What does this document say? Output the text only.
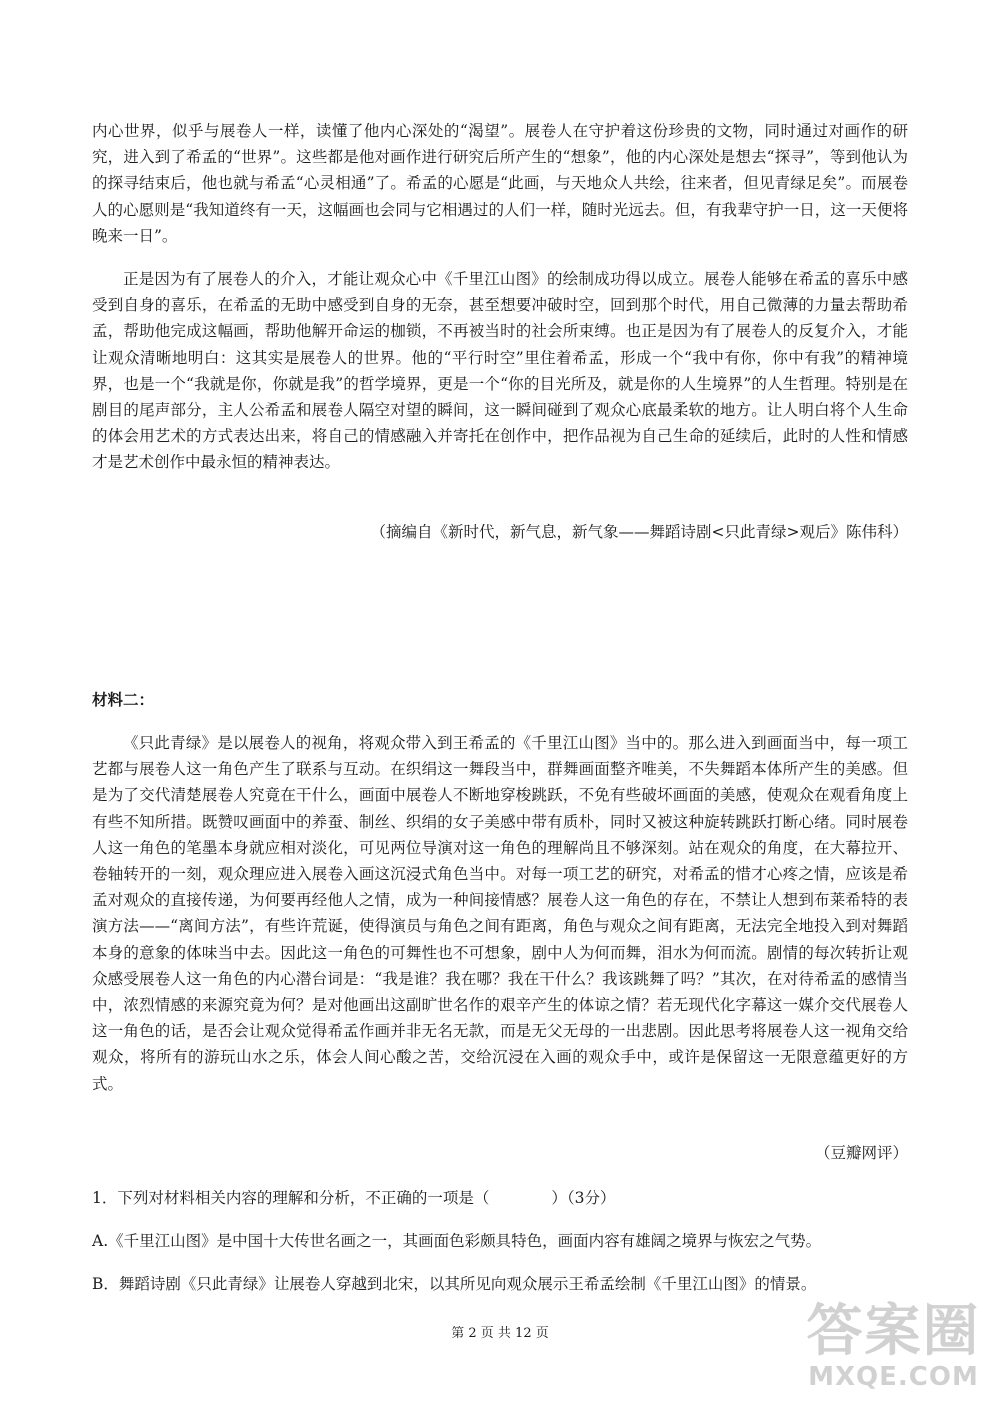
内心世界，似乎与展卷人一样，读懂了他内心深处的“渴望”。展卷人在守护着这份珍贵的文物，同时通过对画作的研究，进入到了希孟的“世界”。这些都是他对画作进行研究后所产生的“想象”，他的内心深处是想去“探寻”，等到他认为的探寻结束后，他也就与希孟“心灵相通”了。希孟的心愿是“此画，与天地众人共绘，往来者，但见青绿足矣”。而展卷人的心愿则是“我知道终有一天，这幅画也会同与它相遇过的人们一样，随时光远去。但，有我辈守护一日，这一天便将晚来一日”。

正是因为有了展卷人的介入，才能让观众心中《千里江山图》的绘制成功得以成立。展卷人能够在希孟的喜乐中感受到自身的喜乐，在希孟的无助中感受到自身的无奈，甚至想要冲破时空，回到那个时代，用自己微薄的力量去帮助希孟，帮助他完成这幅画，帮助他解开命运的枷锁，不再被当时的社会所束缚。也正是因为有了展卷人的反复介入，才能让观众清晰地明白：这其实是展卷人的世界。他的“平行时空”里住着希孟，形成一个“我中有你，你中有我”的精神境界，也是一个“我就是你，你就是我”的哲学境界，更是一个“你的目光所及，就是你的人生境界”的人生哲理。特别是在剧目的尾声部分，主人公希孟和展卷人隔空对望的瞬间，这一瞬间碰到了观众心底最柔软的地方。让人明白将个人生命的体会用艺术的方式表达出来，将自己的情感融入并寄托在创作中，把作品视为自己生命的延续后，此时的人性和情感才是艺术创作中最永恒的精神表达。

（摘编自《新时代，新气息，新气象——舞蹈诗剧<只此青绿>观后》陈伟科）
材料二：

《只此青绿》是以展卷人的视角，将观众带入到王希孟的《千里江山图》当中的。那么进入到画面当中，每一项工艺都与展卷人这一角色产生了联系与互动。在织绢这一舞段当中，群舞画面整齐唯美，不失舞蹈本体所产生的美感。但是为了交代清楚展卷人究竟在干什么，画面中展卷人不断地穿梭跳跃，不免有些破坏画面的美感，使观众在观看角度上有些不知所措。既赞叹画面中的养蚕、制丝、织绢的女子美感中带有质朴，同时又被这种旋转跳跃打断心绪。同时展卷人这一角色的笔墨本身就应相对淡化，可见两位导演对这一角色的理解尚且不够深刻。站在观众的角度，在大幕拉开、卷轴转开的一刻，观众理应进入展卷入画这沉浸式角色当中。对每一项工艺的研究，对希孟的惜才心疼之情，应该是希孟对观众的直接传递，为何要再经他人之情，成为一种间接情感？展卷人这一角色的存在，不禁让人想到布莱希特的表演方法——“离间方法”，有些许荒诞，使得演员与角色之间有距离，角色与观众之间有距离，无法完全地投入到对舞蹈本身的意象的体味当中去。因此这一角色的可舞性也不可想象，剧中人为何而舞，泪水为何而流。剧情的每次转折让观众感受展卷人这一角色的内心潜台词是：“我是谁？我在哪？我在干什么？我该跳舞了吗？”其次，在对待希孟的感情当中，浓烈情感的来源究竟为何？是对他画出这副旷世名作的艰辛产生的体谅之情？若无现代化字幕这一媒介交代展卷人这一角色的话，是否会让观众觉得希孟作画并非无名无款，而是无父无母的一出悲剧。因此思考将展卷人这一视角交给观众，将所有的游玩山水之乐，体会人间心酸之苦，交给沉浸在入画的观众手中，或许是保留这一无限意蕴更好的方式。

（豆瓣网评）
1．下列对材料相关内容的理解和分析，不正确的一项是（　　　　）（3分）
A.《千里江山图》是中国十大传世名画之一，其画面色彩颇具特色，画面内容有雄阔之境界与恢宏之气势。
B．舞蹈诗剧《只此青绿》让展卷人穿越到北宋，以其所见向观众展示王希孟绘制《千里江山图》的情景。
第 2 页 共 12 页	答案圈
MXQE.COM
